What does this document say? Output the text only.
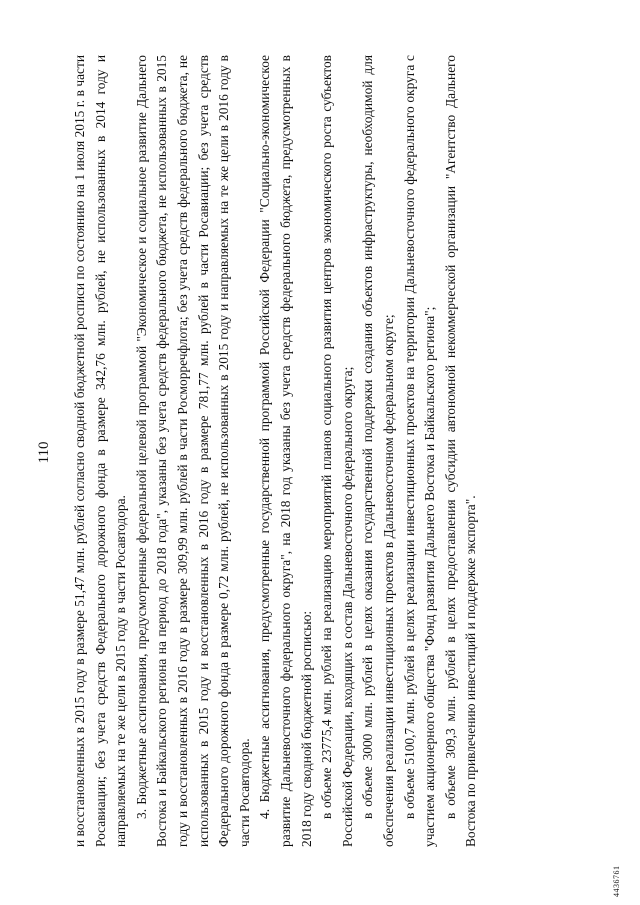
110 и восстановленных в 2015 году в размере 51,47 млн. рублей согласно сводной бюджетной росписи по состоянию на 1 июля 2015 г. в части Росавиации; без учета средств Федерального дорожного фонда в размере 342,76 млн. рублей, не использованных в 2014 году и направляемых на те же цели в 2015 году в части Росавтодора. 3. Бюджетные ассигнования, предусмотренные федеральной целевой программой "Экономическое и социальное развитие Дальнего Востока и Байкальского региона на период до 2018 года", указаны без учета средств федерального бюджета, не использованных в 2015 году и восстановленных в 2016 году в размере 309,99 млн. рублей в части Росморречфлота; без учета средств федерального бюджета, не использованных в 2015 году и восстановленных в 2016 году в размере 781,77 млн. рублей в части Росавиации; без учета средств Федерального дорожного фонда в размере 0,72 млн. рублей, не использованных в 2015 году и направляемых на те же цели в 2016 году в части Росавтодора. 4. Бюджетные ассигнования, предусмотренные государственной программой Российской Федерации "Социально-экономическое развитие Дальневосточного федерального округа", на 2018 год указаны без учета средств федерального бюджета, предусмотренных в 2018 году сводной бюджетной росписью: в объеме 23775,4 млн. рублей на реализацию мероприятий планов социального развития центров экономического роста субъектов Российской Федерации, входящих в состав Дальневосточного федерального округа; в объеме 3000 млн. рублей в целях оказания государственной поддержки создания объектов инфраструктуры, необходимой для обеспечения реализации инвестиционных проектов в Дальневосточном федеральном округе; в объеме 5100,7 млн. рублей в целях реализации инвестиционных проектов на территории Дальневосточного федерального округа с участием акционерного общества "Фонд развития Дальнего Востока и Байкальского региона"; в объеме 309,3 млн. рублей в целях предоставления субсидии автономной некоммерческой организации "Агентство Дальнего Востока по привлечению инвестиций и поддержке экспорта".

4436761
